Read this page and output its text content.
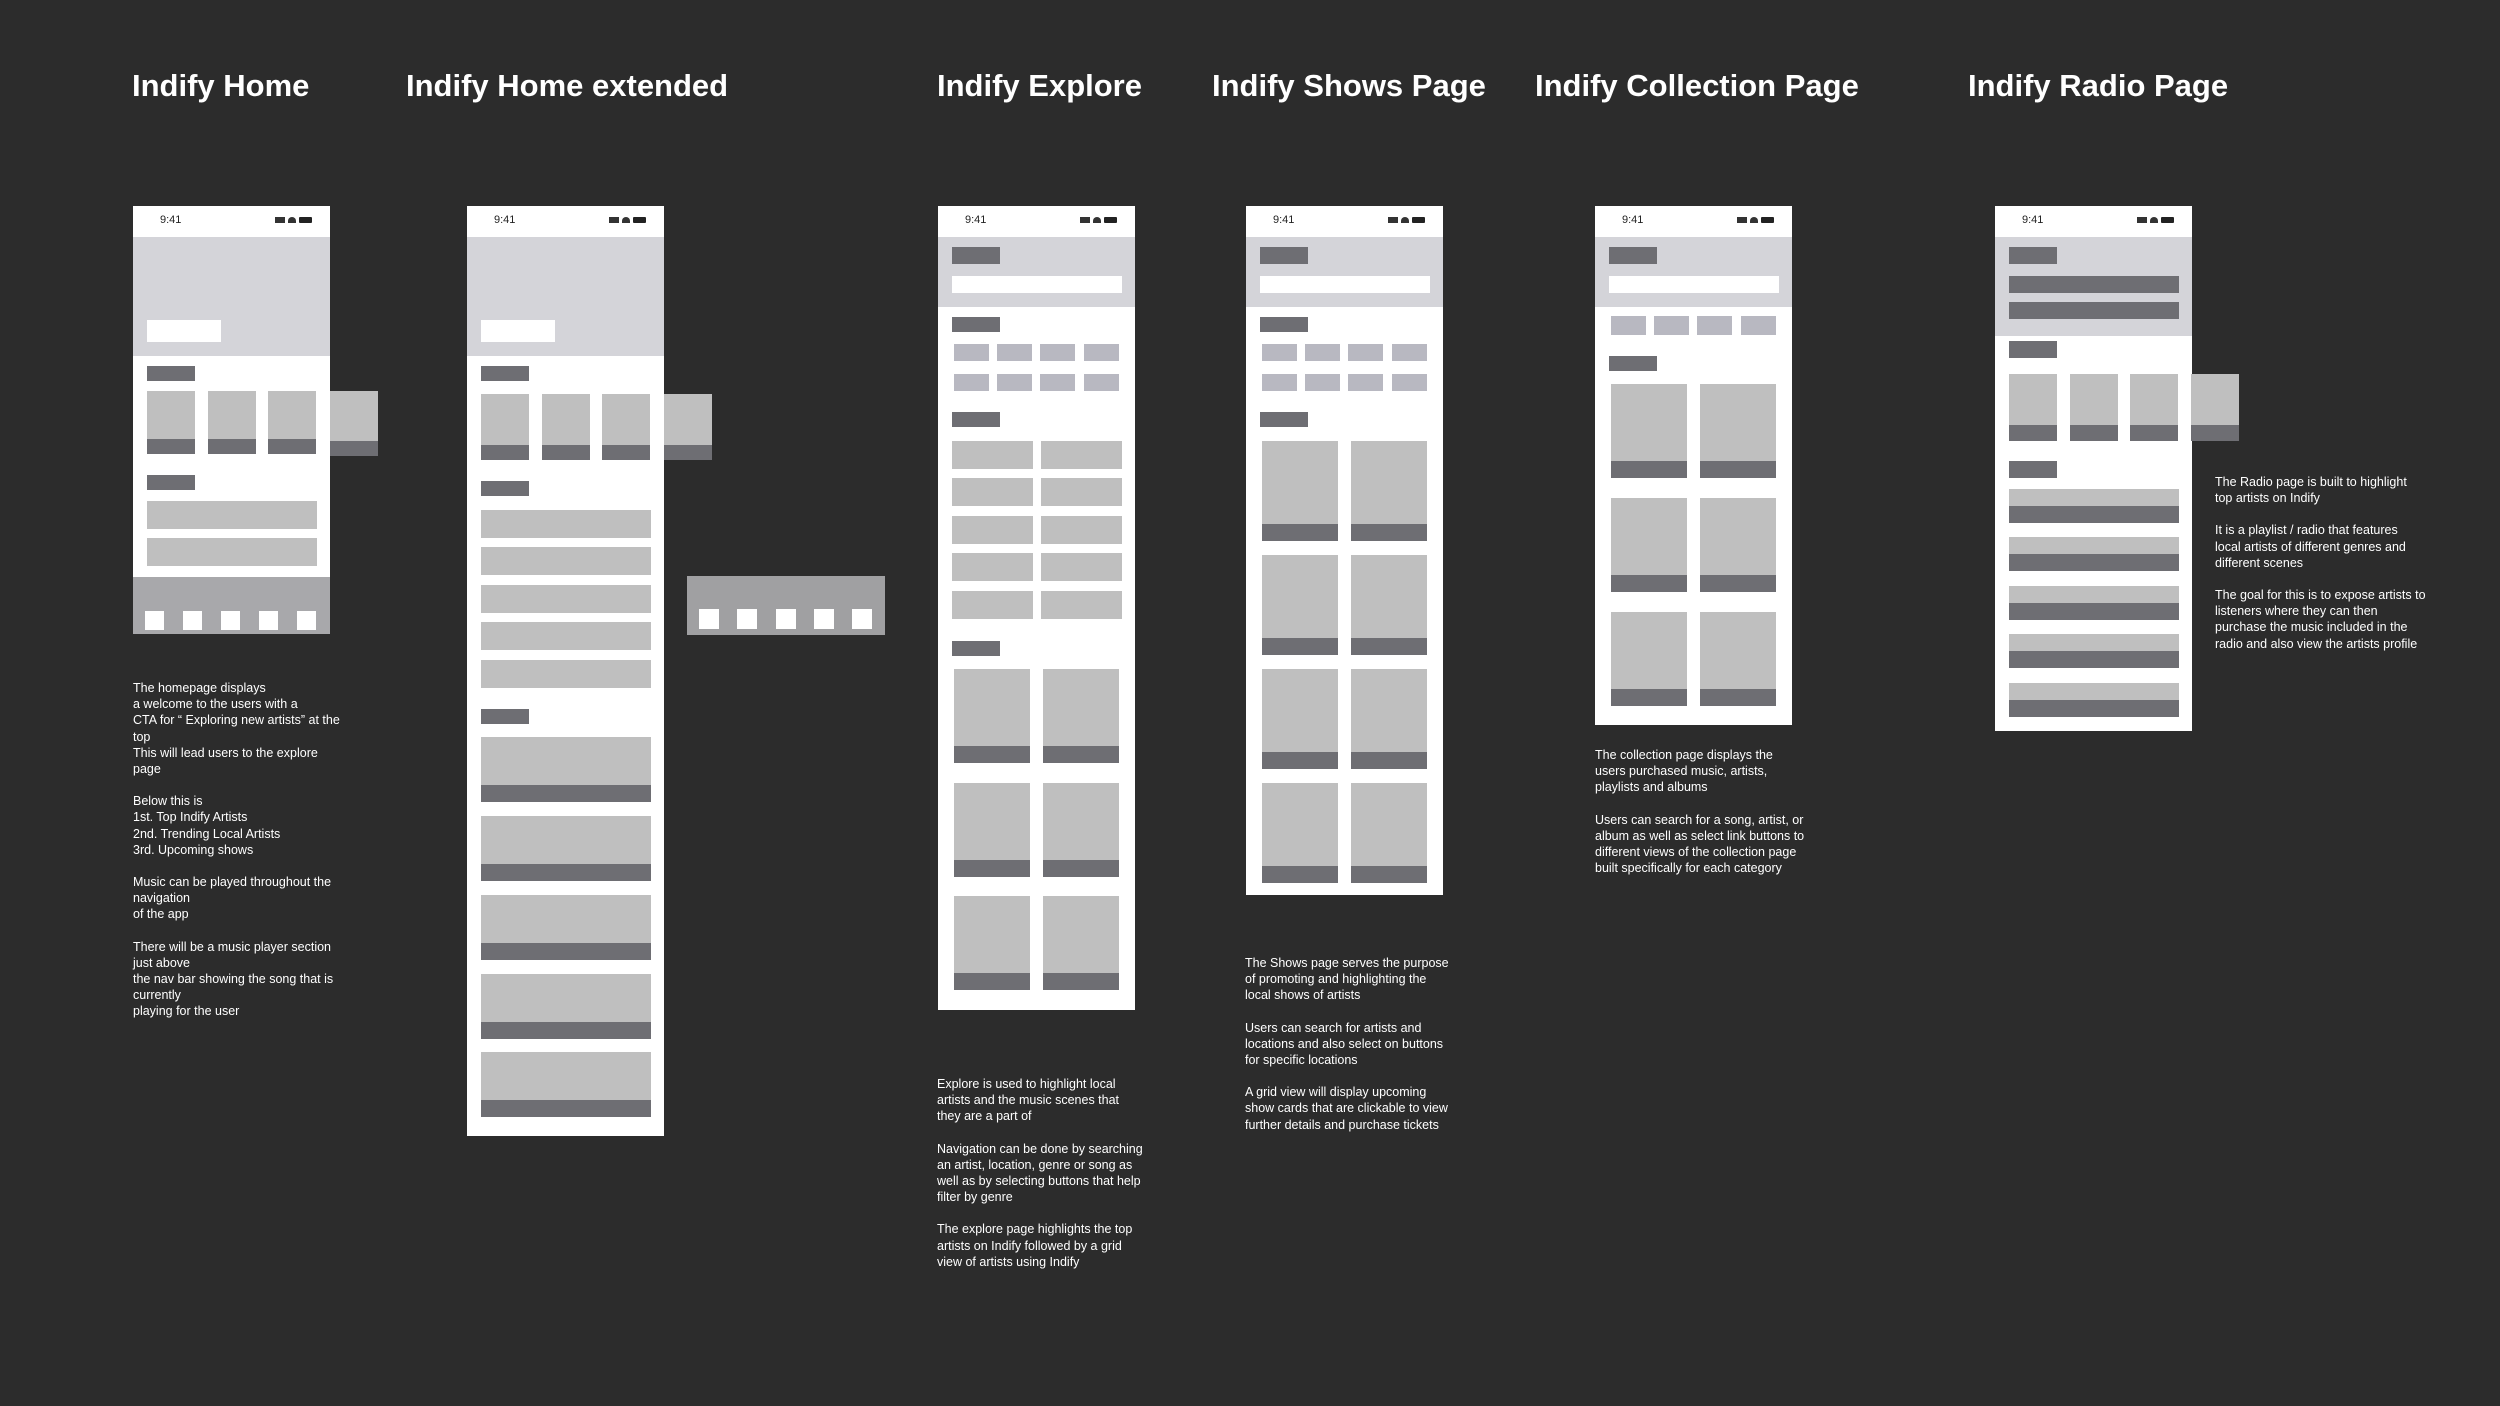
Indify Home	Indify Home extended	Indify Explore Indify Shows Page Indify Collection Page	Indify Radio Page
9:41	9:41	9:41	9:41	9:41	9:41

The homepage displays
a welcome to the users with a
CTA for “ Exploring new artists” at the
top
This will lead users to the explore
page

Below this is
1st. Top Indify Artists
2nd. Trending Local Artists
3rd. Upcoming shows

Music can be played throughout the
navigation
of the app

There will be a music player section
just above
the nav bar showing the song that is
currently
playing for the user

Explore is used to highlight local
artists and the music scenes that
they are a part of

Navigation can be done by searching
an artist, location, genre or song as
well as by selecting buttons that help
filter by genre

The explore page highlights the top
artists on Indify followed by a grid
view of artists using Indify

The Shows page serves the purpose
of promoting and highlighting the
local shows of artists

Users can search for artists and
locations and also select on buttons
for specific locations

A grid view will display upcoming
show cards that are clickable to view
further details and purchase tickets

The collection page displays the
users purchased music, artists,
playlists and albums

Users can search for a song, artist, or
album as well as select link buttons to
different views of the collection page
built specifically for each category

The Radio page is built to highlight
top artists on Indify

It is a playlist / radio that features
local artists of different genres and
different scenes

The goal for this is to expose artists to
listeners where they can then
purchase the music included in the
radio and also view the artists profile
